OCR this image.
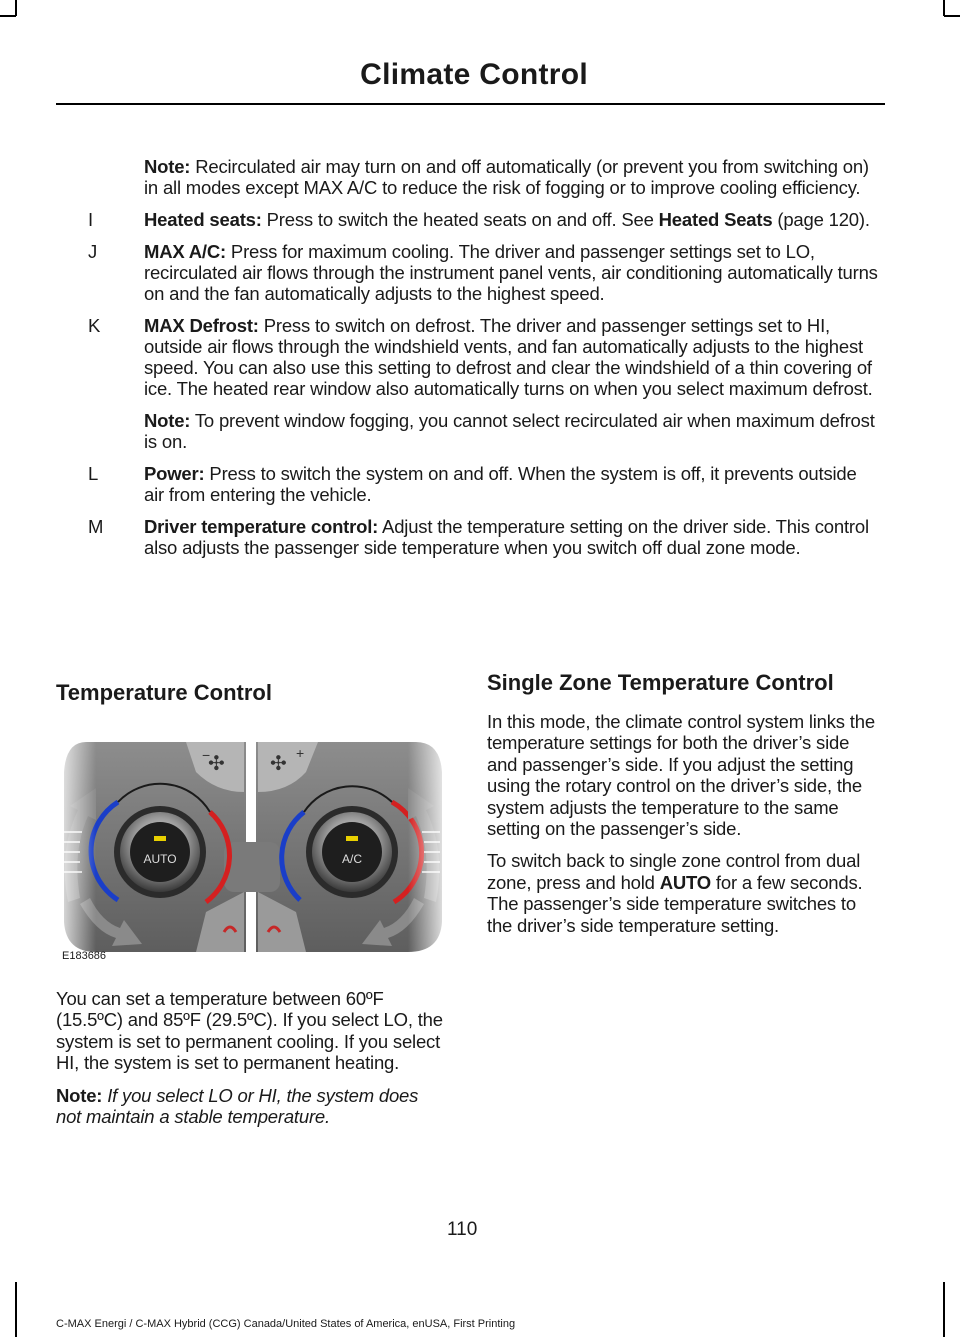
Climate Control
Note: Recirculated air may turn on and off automatically (or prevent you from switching on) in all modes except MAX A/C to reduce the risk of fogging or to improve cooling efficiency.
I	Heated seats: Press to switch the heated seats on and off. See Heated Seats (page 120).
J	MAX A/C: Press for maximum cooling. The driver and passenger settings set to LO, recirculated air flows through the instrument panel vents, air conditioning automatically turns on and the fan automatically adjusts to the highest speed.
K	MAX Defrost: Press to switch on defrost. The driver and passenger settings set to HI, outside air flows through the windshield vents, and fan automatically adjusts to the highest speed. You can also use this setting to defrost and clear the windshield of a thin covering of ice. The heated rear window also automatically turns on when you select maximum defrost.
Note: To prevent window fogging, you cannot select recirculated air when maximum defrost is on.
L	Power: Press to switch the system on and off. When the system is off, it prevents outside air from entering the vehicle.
M	Driver temperature control: Adjust the temperature setting on the driver side. This control also adjusts the passenger side temperature when you switch off dual zone mode.
Temperature Control
✣ ✣
−	+
AUTO	A/C
E183686

You can set a temperature between 60ºF (15.5ºC) and 85ºF (29.5ºC). If you select LO, the system is set to permanent cooling. If you select HI, the system is set to permanent heating.

Note: If you select LO or HI, the system does not maintain a stable temperature.

Single Zone Temperature Control

In this mode, the climate control system links the temperature settings for both the driver’s side and passenger’s side. If you adjust the setting using the rotary control on the driver’s side, the system adjusts the temperature to the same setting on the passenger’s side.

To switch back to single zone control from dual zone, press and hold AUTO for a few seconds. The passenger’s side temperature switches to the driver’s side temperature setting.

110
C-MAX Energi / C-MAX Hybrid (CCG) Canada/United States of America, enUSA, First Printing
